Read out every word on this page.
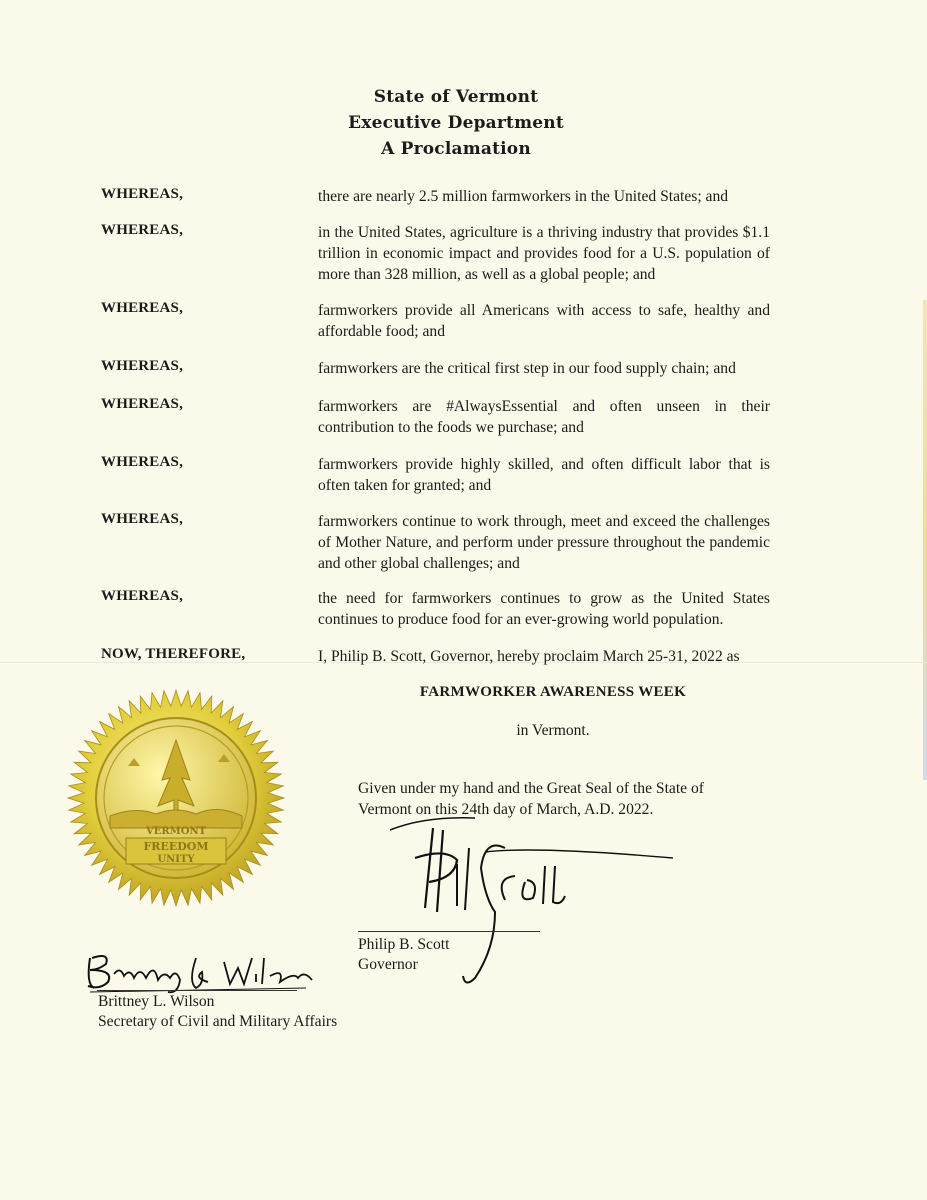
State of Vermont
Executive Department
A Proclamation
WHEREAS,	there are nearly 2.5 million farmworkers in the United States; and
WHEREAS,	in the United States, agriculture is a thriving industry that provides $1.1 trillion in economic impact and provides food for a U.S. population of more than 328 million, as well as a global people; and
WHEREAS,	farmworkers provide all Americans with access to safe, healthy and affordable food; and
WHEREAS,	farmworkers are the critical first step in our food supply chain; and
WHEREAS,	farmworkers are #AlwaysEssential and often unseen in their contribution to the foods we purchase; and
WHEREAS,	farmworkers provide highly skilled, and often difficult labor that is often taken for granted; and
WHEREAS,	farmworkers continue to work through, meet and exceed the challenges of Mother Nature, and perform under pressure throughout the pandemic and other global challenges; and
WHEREAS,	the need for farmworkers continues to grow as the United States continues to produce food for an ever-growing world population.
NOW, THEREFORE,	I, Philip B. Scott, Governor, hereby proclaim March 25-31, 2022 as
FARMWORKER AWARENESS WEEK
in Vermont.
Given under my hand and the Great Seal of the State of Vermont on this 24th day of March, A.D. 2022.
VERMONT
FREEDOM
UNITY
Philip B. Scott
Governor
Brittney L. Wilson
Secretary of Civil and Military Affairs
